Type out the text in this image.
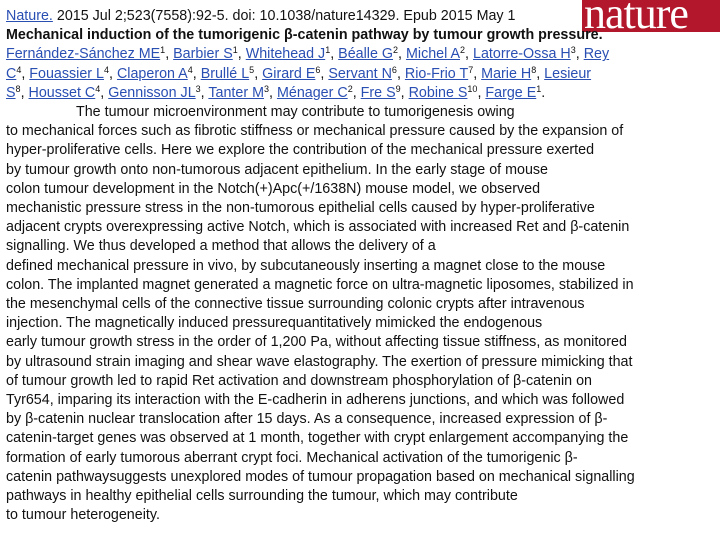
nature
Nature. 2015 Jul 2;523(7558):92-5. doi: 10.1038/nature14329. Epub 2015 May 1
Mechanical induction of the tumorigenic β-catenin pathway by tumour growth pressure.
Fernández-Sánchez $ME^1$, Barbier $S^1$, Whitehead $J^1$, Béalle $G^2$, Michel $A^2$, Latorre-Ossa $H^3$, Rey
$C^4$, Fouassier $L^4$, Claperon $A^4$, Brullé $L^5$, Girard $E^6$, Servant $N^6$, Rio-Frio $T^7$, Marie $H^8$, Lesieur
$S^8$, Housset $C^4$, Gennisson $JL^3$, Tanter $M^3$, Ménager $C^2$, Fre $S^9$, Robine $S^{10}$, Farge $E^1$.
The tumour microenvironment may contribute to tumorigenesis owing
to mechanical forces such as fibrotic stiffness or mechanical pressure caused by the expansion of
hyper-proliferative cells. Here we explore the contribution of the mechanical pressure exerted
by tumour growth onto non-tumorous adjacent epithelium. In the early stage of mouse
colon tumour development in the Notch(+)Apc(+/1638N) mouse model, we observed
mechanistic pressure stress in the non-tumorous epithelial cells caused by hyper-proliferative
adjacent crypts overexpressing active Notch, which is associated with increased Ret and β-catenin
signalling. We thus developed a method that allows the delivery of a
defined mechanical pressure in vivo, by subcutaneously inserting a magnet close to the mouse
colon. The implanted magnet generated a magnetic force on ultra-magnetic liposomes, stabilized in
the mesenchymal cells of the connective tissue surrounding colonic crypts after intravenous
injection. The magnetically induced pressurequantitatively mimicked the endogenous
early tumour growth stress in the order of 1,200 Pa, without affecting tissue stiffness, as monitored
by ultrasound strain imaging and shear wave elastography. The exertion of pressure mimicking that
of tumour growth led to rapid Ret activation and downstream phosphorylation of β-catenin on
Tyr654, imparing its interaction with the E-cadherin in adherens junctions, and which was followed
by β-catenin nuclear translocation after 15 days. As a consequence, increased expression of β-
catenin-target genes was observed at 1 month, together with crypt enlargement accompanying the
formation of early tumorous aberrant crypt foci. Mechanical activation of the tumorigenic β-
catenin pathwaysuggests unexplored modes of tumour propagation based on mechanical signalling
pathways in healthy epithelial cells surrounding the tumour, which may contribute
to tumour heterogeneity.
